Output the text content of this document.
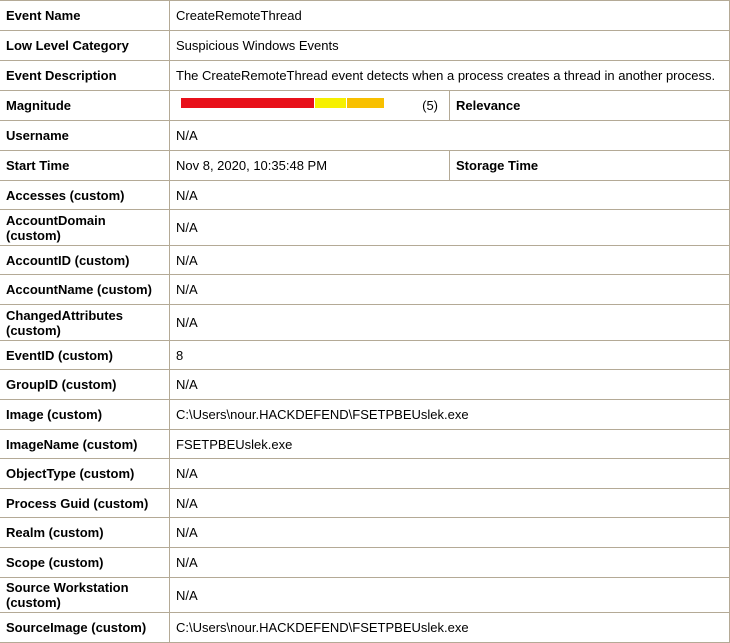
Event Name	CreateRemoteThread	
Low Level Category	Suspicious Windows Events	
Event Description	The CreateRemoteThread event detects when a process creates a thread in another process.	
Magnitude	(5)	Relevance
Username	N/A	
Start Time	Nov 8, 2020, 10:35:48 PM	Storage Time
Accesses (custom)	N/A	
AccountDomain (custom)	N/A	
AccountID (custom)	N/A	
AccountName (custom)	N/A	
ChangedAttributes (custom)	N/A	
EventID (custom)	8	
GroupID (custom)	N/A	
Image (custom)	C:\Users\nour.HACKDEFEND\FSETPBEUslek.exe	
ImageName (custom)	FSETPBEUslek.exe	
ObjectType (custom)	N/A	
Process Guid (custom)	N/A	
Realm (custom)	N/A	
Scope (custom)	N/A	
Source Workstation (custom)	N/A	
SourceImage (custom)	C:\Users\nour.HACKDEFEND\FSETPBEUslek.exe	
